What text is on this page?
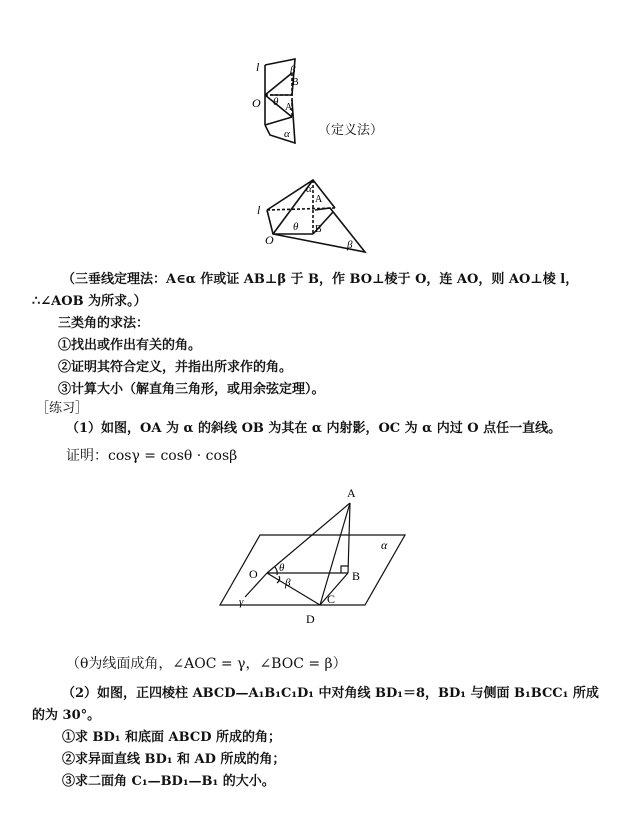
l	β
B
O θ A
α （定义法）
l
α
A
O
θ B
β
（三垂线定理法：A∈α 作或证 AB⊥β 于 B，作 BO⊥棱于 O，连 AO，则 AO⊥棱 l，
∴∠AOB 为所求。）
三类角的求法：
①找出或作出有关的角。
②证明其符合定义，并指出所求作的角。
③计算大小（解直角三角形，或用余弦定理）。
［练习］
（1）如图，OA 为 α 的斜线 OB 为其在 α 内射影，OC 为 α 内过 O 点任一直线。
证明：cosγ = cosθ · cosβ
A
α
O θ
β	B
γ	C
D
（θ为线面成角，∠AOC = γ，∠BOC = β）
（2）如图，正四棱柱 ABCD—A₁B₁C₁D₁ 中对角线 BD₁＝8，BD₁ 与侧面 B₁BCC₁ 所成
的为 30°。
①求 BD₁ 和底面 ABCD 所成的角；
②求异面直线 BD₁ 和 AD 所成的角；
③求二面角 C₁—BD₁—B₁ 的大小。
